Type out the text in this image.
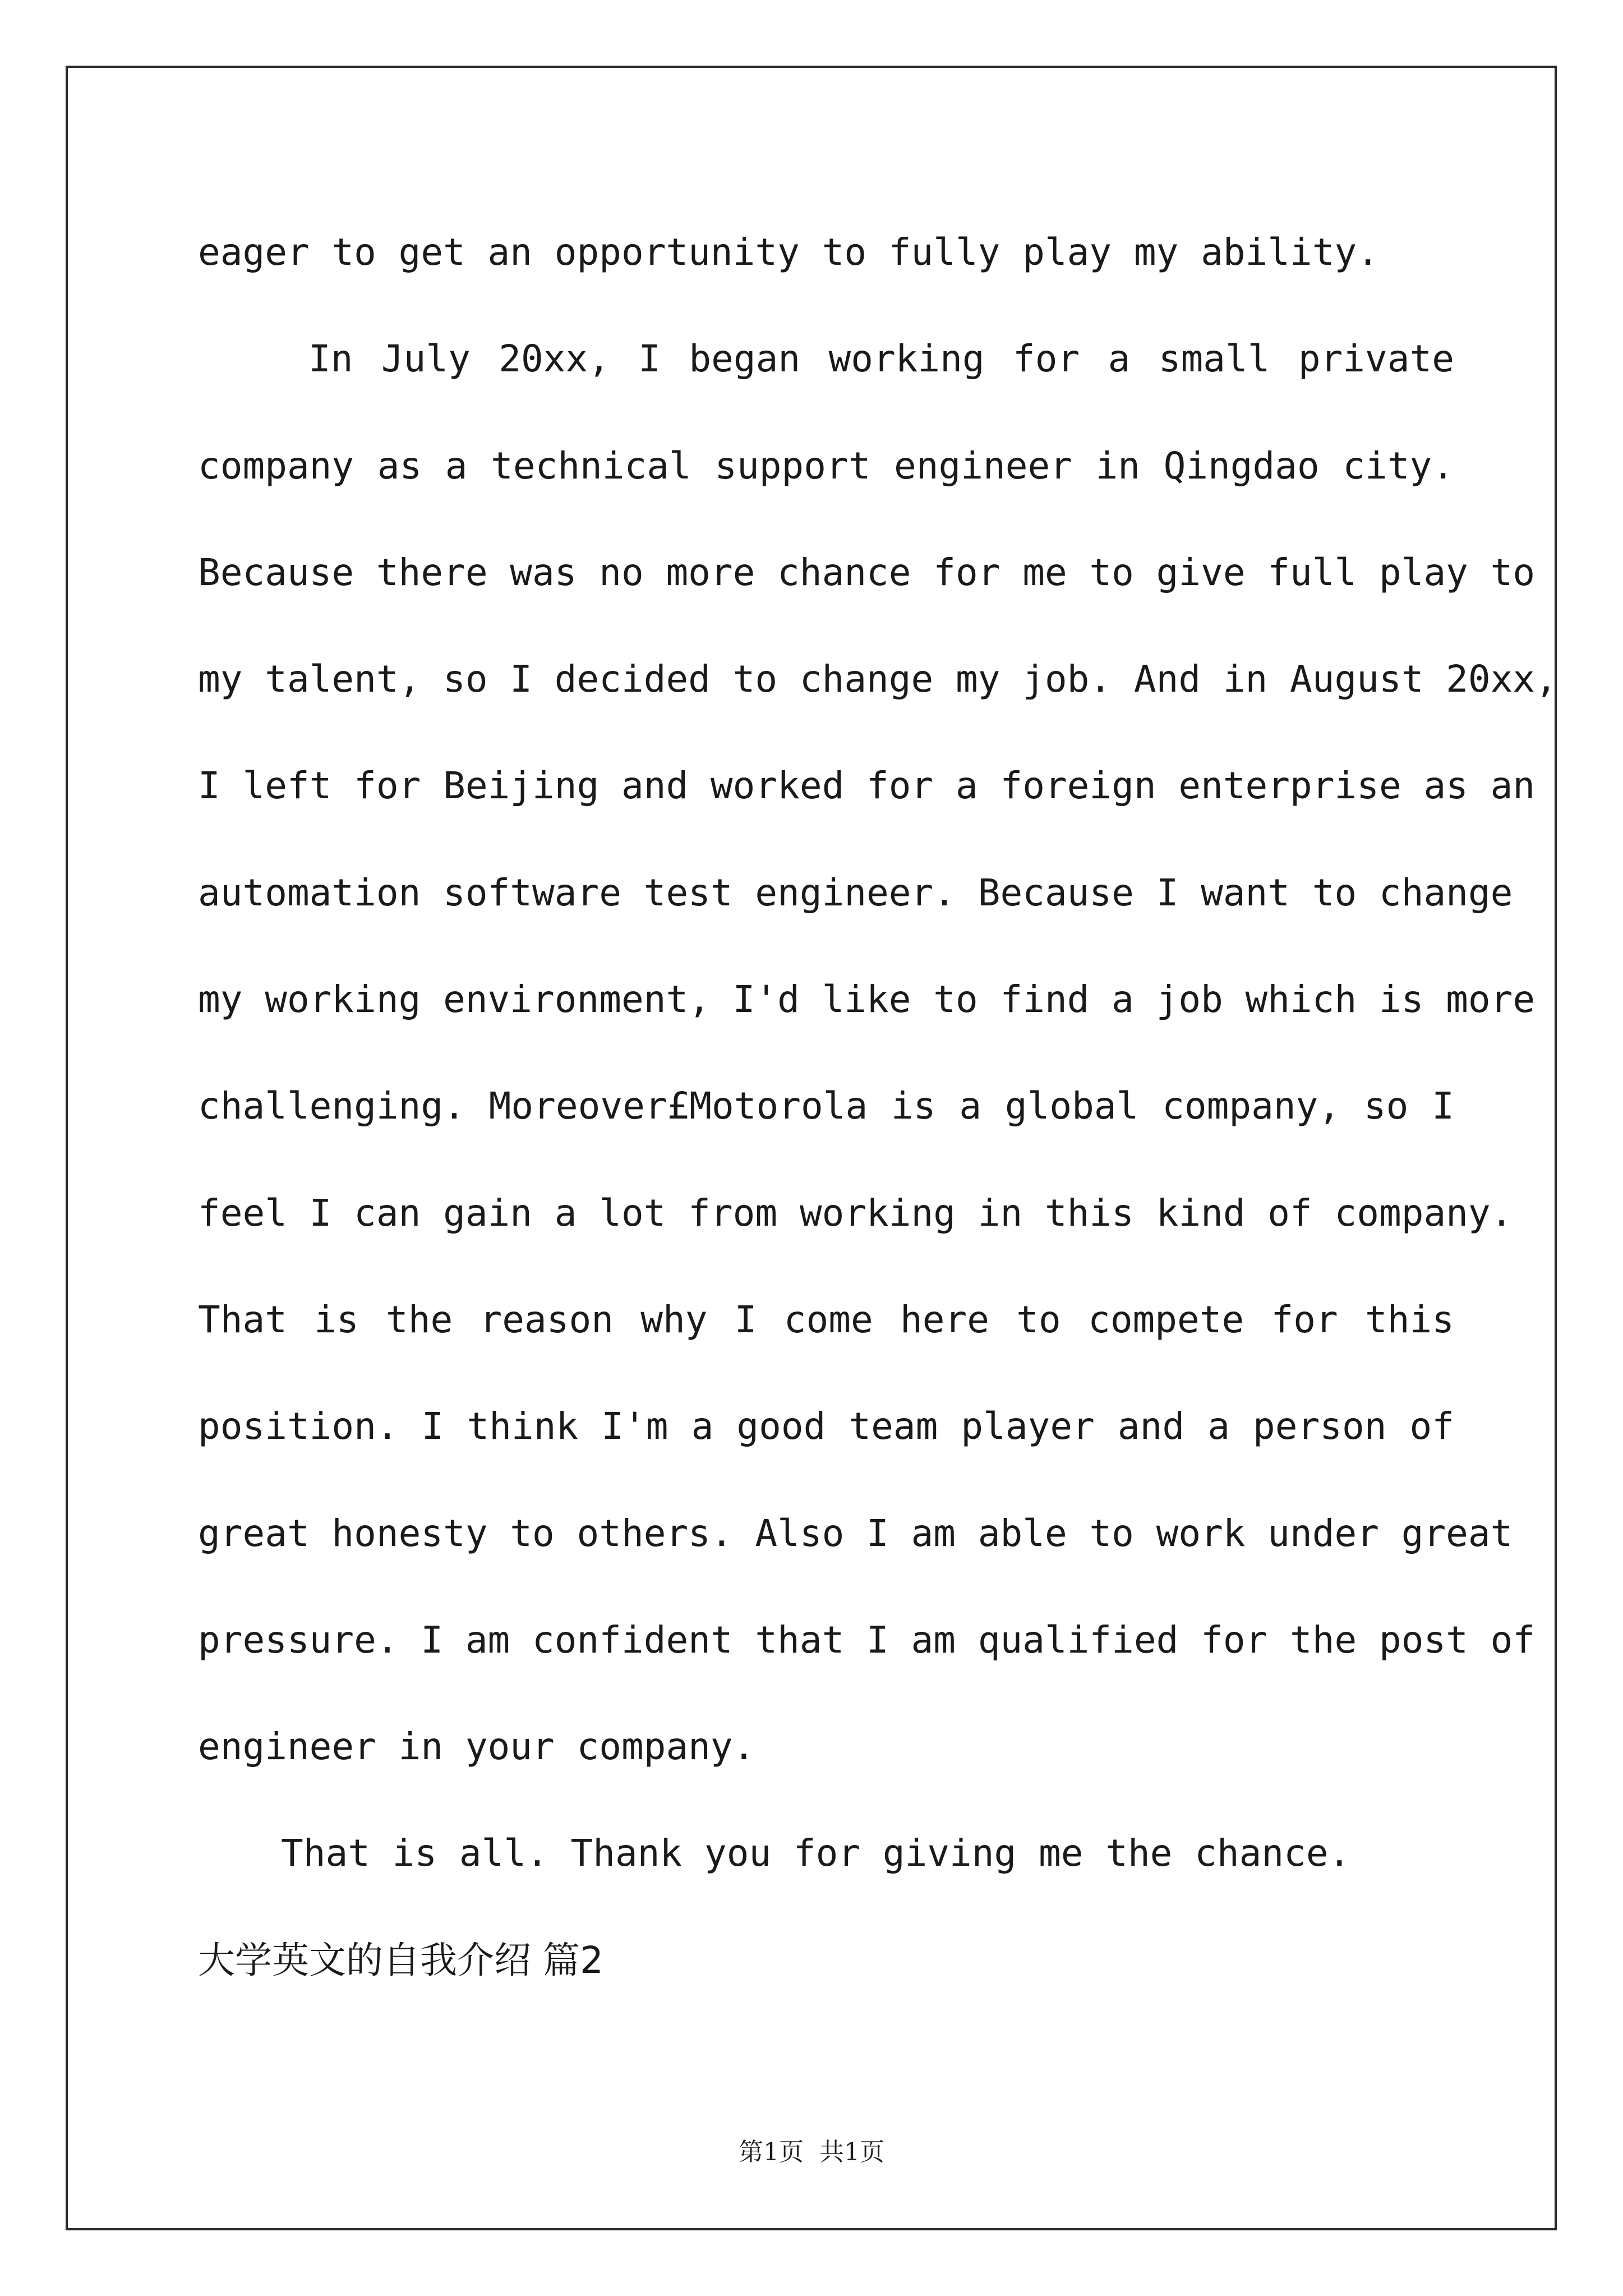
eager to get an opportunity to fully play my ability.
In July 20xx, I began working for a small private
company as a technical support engineer in Qingdao city.
Because there was no more chance for me to give full play to
my talent, so I decided to change my job. And in August 20xx,
I left for Beijing and worked for a foreign enterprise as an
automation software test engineer. Because I want to change
my working environment, I'd like to find a job which is more
challenging. Moreover£Motorola is a global company, so I
feel I can gain a lot from working in this kind of company.
That is the reason why I come here to compete for this
position. I think I'm a good team player and a person of
great honesty to others. Also I am able to work under great
pressure. I am confident that I am qualified for the post of
engineer in your company.
That is all. Thank you for giving me the chance.
大学英文的自我介绍 篇2
第1页  共1页
